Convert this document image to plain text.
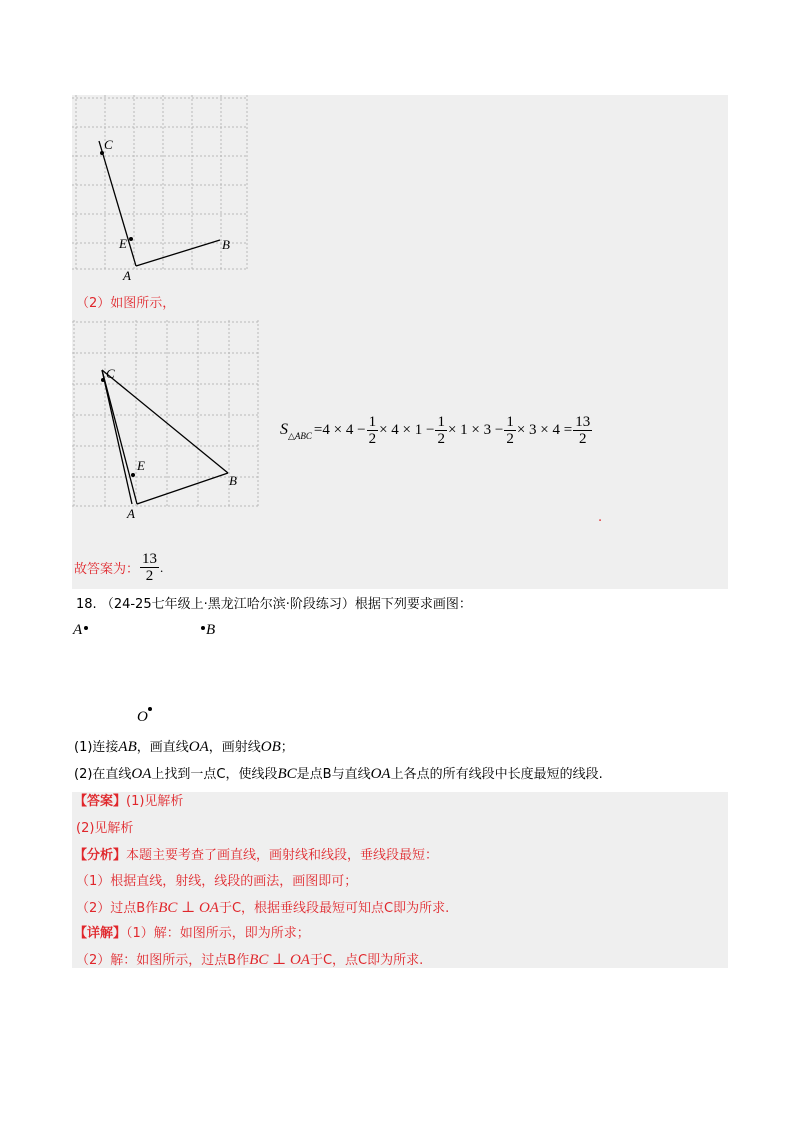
C
E	B
A
（2）如图所示，
C
E
B
A
S △ABC $=4 \times 4 - \frac{1}{2} \times 4 \times 1 - \frac{1}{2} \times 1 \times 3 - \frac{1}{2} \times 3 \times 4 = \frac{13}{2}$
.
故答案为： $\frac{13}{2}$ .
18. （24-25七年级上·黑龙江哈尔滨·阶段练习）根据下列要求画图：
A	B
O
(1)连接AB，画直线OA，画射线OB；
(2)在直线OA上找到一点C，使线段BC是点B与直线OA上各点的所有线段中长度最短的线段.
【答案】(1)见解析
(2)见解析
【分析】本题主要考查了画直线，画射线和线段，垂线段最短：
（1）根据直线，射线，线段的画法，画图即可；
（2）过点B作BC ⊥ OA于C，根据垂线段最短可知点C即为所求.
【详解】（1）解：如图所示，即为所求；
（2）解：如图所示，过点B作BC ⊥ OA于C，点C即为所求.
